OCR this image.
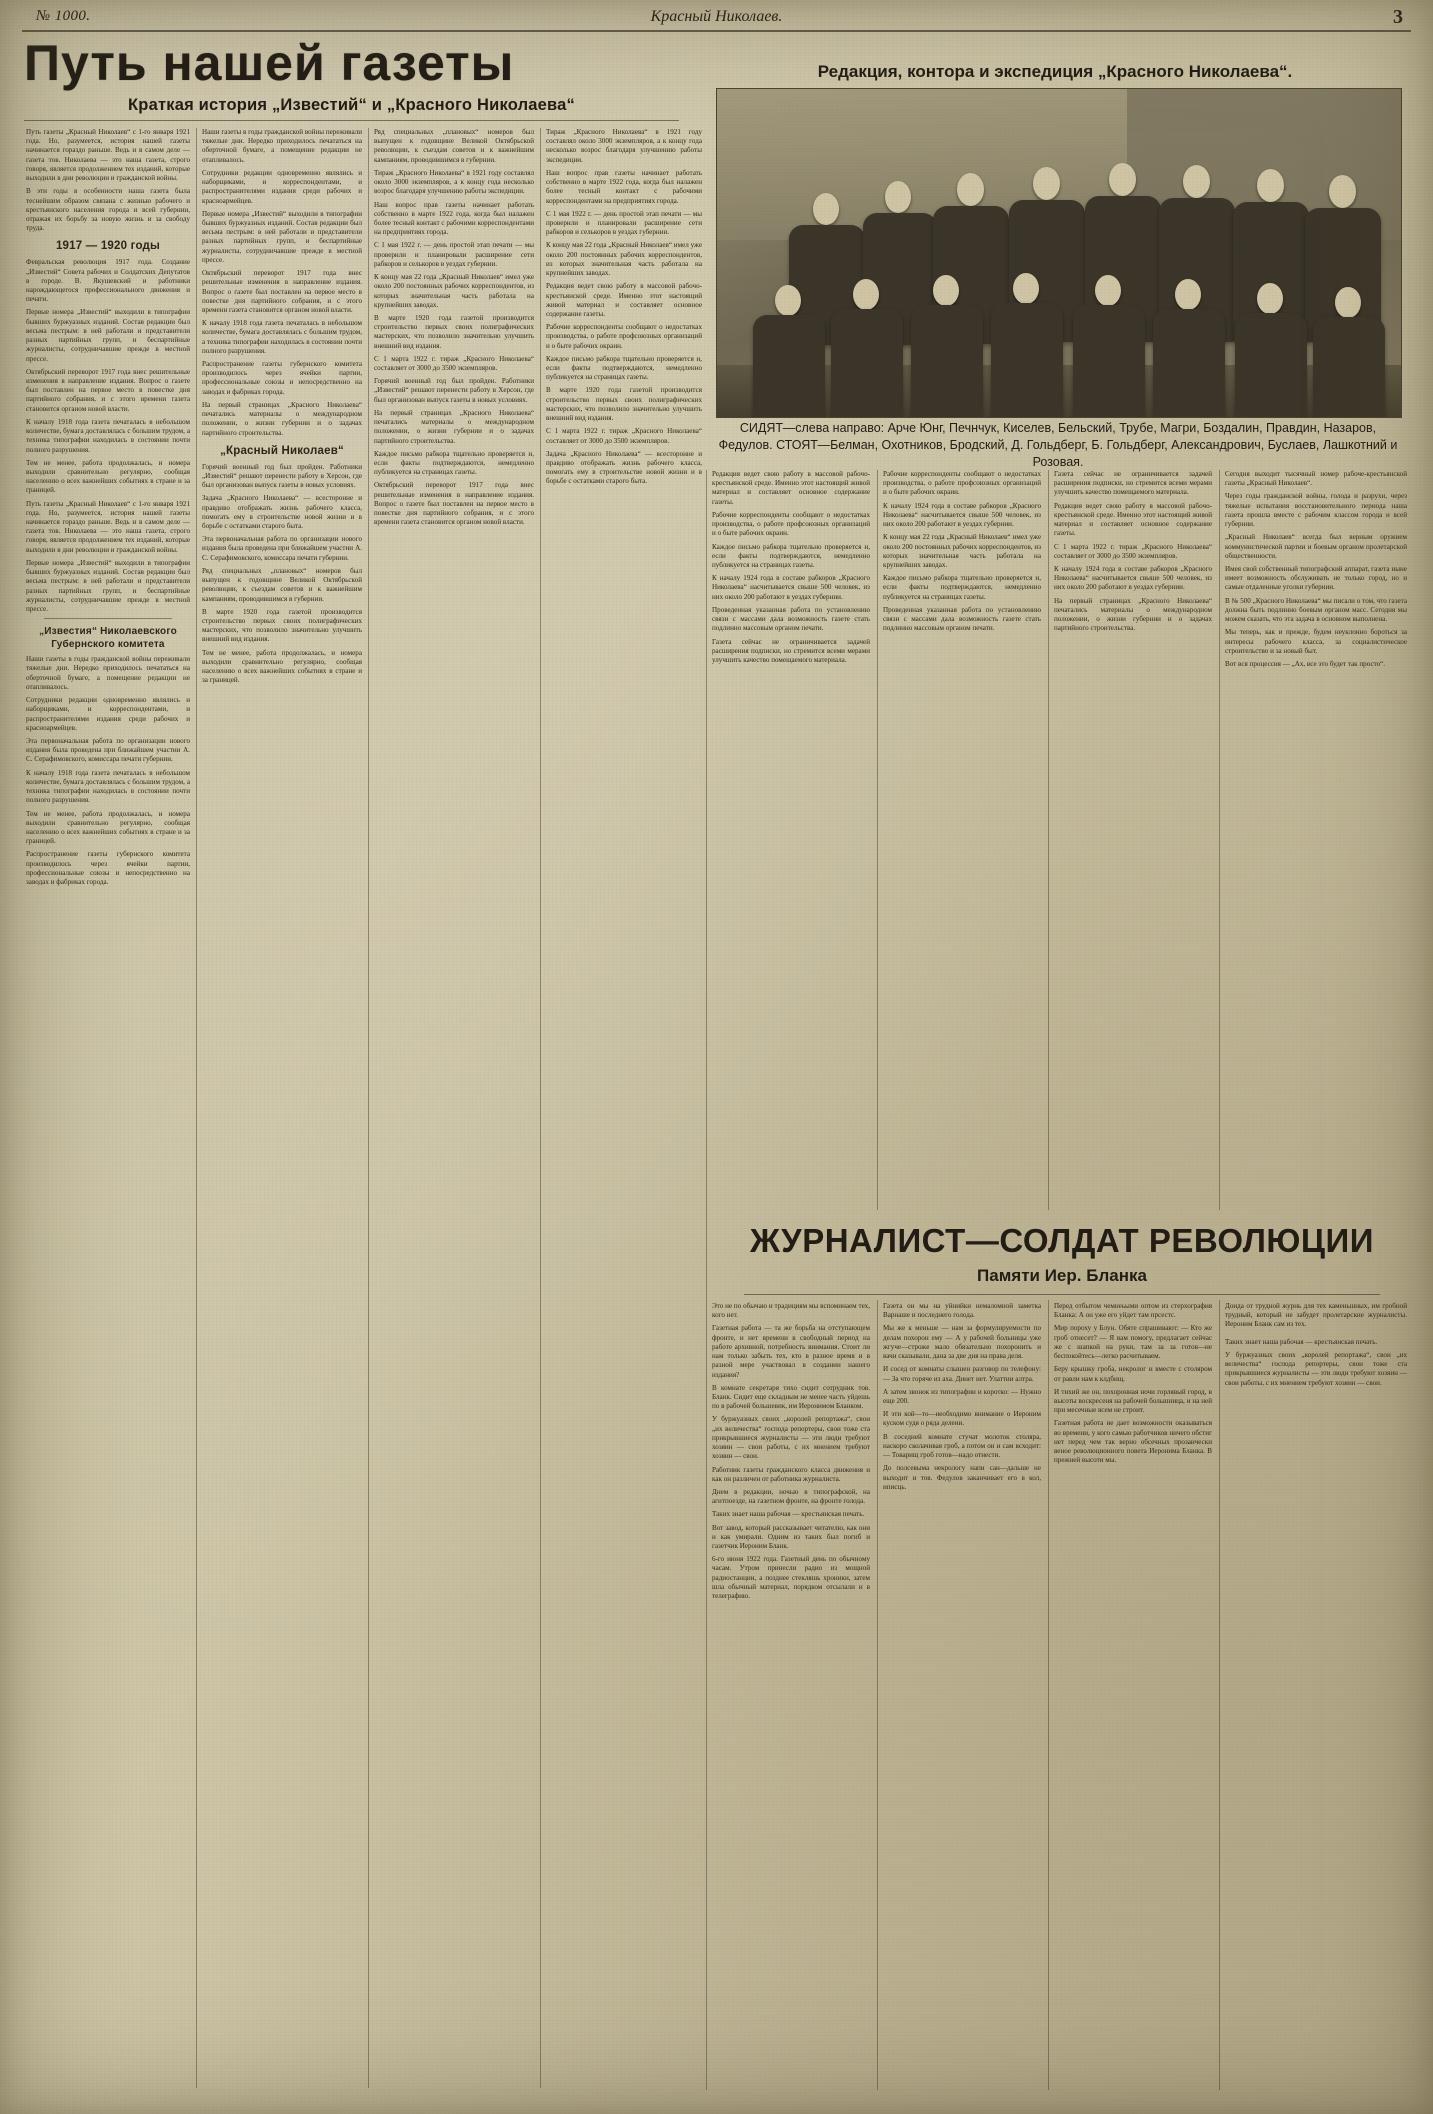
№ 1000.	Красный Николаев.	3
Путь нашей газеты
Краткая история „Известий“ и „Красного Николаева“
Редакция, контора и экспедиция „Красного Николаева“.
СИДЯТ—слева направо: Арче Юнг, Печнчук, Киселев, Бельский, Трубе, Магри, Боздалин, Правдин, Назаров, Федулов. СТОЯТ—Белман, Охотников, Бродский, Д. Гольдберг, Б. Гольдберг, Александрович, Буслаев, Лашкотний и Розовая.
Путь газеты „Красный Николаев“ с 1-го января 1921 года. Но, разумеется, история нашей газеты начинается гораздо раньше. Ведь и в самом деле — газета тов. Николаева — это наша газета, строго говоря, является продолжением тех изданий, которые выходили в дни революции и гражданской войны.
В эти годы в особенности наша газета была теснейшим образом связана с жизнью рабочего и крестьянского населения города и всей губернии, отражая их борьбу за новую жизнь и за свободу труда.
1917 — 1920 годы
Февральская революция 1917 года. Создание „Известий“ Совета рабочих и Солдатских Депутатов в городе. В. Якушевский и работники нарождающегося профессионального движения и печати.
Первые номера „Известий“ выходили в типографии бывших буржуазных изданий. Состав редакции был весьма пестрым: в ней работали и представители разных партийных групп, и беспартийные журналисты, сотрудничавшие прежде в местной прессе.
Октябрьский переворот 1917 года внес решительные изменения в направление издания. Вопрос о газете был поставлен на первое место в повестке дня партийного собрания, и с этого времени газета становится органом новой власти.
К началу 1918 года газета печаталась в небольшом количестве, бумага доставлялась с большим трудом, а техника типографии находилась в состоянии почти полного разрушения.
Тем не менее, работа продолжалась, и номера выходили сравнительно регулярно, сообщая населению о всех важнейших событиях в стране и за границей.
Путь газеты „Красный Николаев“ с 1-го января 1921 года. Но, разумеется, история нашей газеты начинается гораздо раньше. Ведь и в самом деле — газета тов. Николаева — это наша газета, строго говоря, является продолжением тех изданий, которые выходили в дни революции и гражданской войны.
Первые номера „Известий“ выходили в типографии бывших буржуазных изданий. Состав редакции был весьма пестрым: в ней работали и представители разных партийных групп, и беспартийные журналисты, сотрудничавшие прежде в местной прессе.
„Известия“ Николаевского Губернского комитета
Наши газеты в годы гражданской войны переживали тяжелые дни. Нередко приходилось печататься на оберточной бумаге, а помещение редакции не отапливалось.
Сотрудники редакции одновременно являлись и наборщиками, и корреспондентами, и распространителями издания среди рабочих и красноармейцев.
Эта первоначальная работа по организации нового издания была проведена при ближайшем участии А. С. Серафимовского, комиссара печати губернии.
К началу 1918 года газета печаталась в небольшом количестве, бумага доставлялась с большим трудом, а техника типографии находилась в состоянии почти полного разрушения.
Тем не менее, работа продолжалась, и номера выходили сравнительно регулярно, сообщая населению о всех важнейших событиях в стране и за границей.
Распространение газеты губернского комитета производилось через ячейки партии, профессиональные союзы и непосредственно на заводах и фабриках города.
Наши газеты в годы гражданской войны переживали тяжелые дни. Нередко приходилось печататься на оберточной бумаге, а помещение редакции не отапливалось.
Сотрудники редакции одновременно являлись и наборщиками, и корреспондентами, и распространителями издания среди рабочих и красноармейцев.
Первые номера „Известий“ выходили в типографии бывших буржуазных изданий. Состав редакции был весьма пестрым: в ней работали и представители разных партийных групп, и беспартийные журналисты, сотрудничавшие прежде в местной прессе.
Октябрьский переворот 1917 года внес решительные изменения в направление издания. Вопрос о газете был поставлен на первое место в повестке дня партийного собрания, и с этого времени газета становится органом новой власти.
К началу 1918 года газета печаталась в небольшом количестве, бумага доставлялась с большим трудом, а техника типографии находилась в состоянии почти полного разрушения.
Распространение газеты губернского комитета производилось через ячейки партии, профессиональные союзы и непосредственно на заводах и фабриках города.
На первый страницах „Красного Николаева“ печатались материалы о международном положении, о жизни губернии и о задачах партийного строительства.
„Красный Николаев“
Горячий военный год был пройден. Работники „Известий“ решают перенести работу в Херсон, где был организован выпуск газеты в новых условиях.
Задача „Красного Николаева“ — всесторонне и правдиво отображать жизнь рабочего класса, помогать ему в строительстве новой жизни и в борьбе с остатками старого быта.
Эта первоначальная работа по организации нового издания была проведена при ближайшем участии А. С. Серафимовского, комиссара печати губернии.
Ряд специальных „плановых“ номеров был выпущен к годовщине Великой Октябрьской революции, к съездам советов и к важнейшим кампаниям, проводившимся в губернии.
В марте 1920 года газетой производится строительство первых своих полиграфических мастерских, что позволило значительно улучшить внешний вид издания.
Тем не менее, работа продолжалась, и номера выходили сравнительно регулярно, сообщая населению о всех важнейших событиях в стране и за границей.
Ряд специальных „плановых“ номеров был выпущен к годовщине Великой Октябрьской революции, к съездам советов и к важнейшим кампаниям, проводившимся в губернии.
Тираж „Красного Николаева“ в 1921 году составлял около 3000 экземпляров, а к концу года несколько возрос благодаря улучшению работы экспедиции.
Наш вопрос прав газеты начинает работать собственно в марте 1922 года, когда был налажен более тесный контакт с рабочими корреспондентами на предприятиях города.
С 1 мая 1922 г. — день простой этап печати — мы проверили и планировали расширение сети рабкоров и селькоров в уездах губернии.
К концу мая 22 года „Красный Николаев“ имел уже около 200 постоянных рабочих корреспондентов, из которых значительная часть работала на крупнейших заводах.
В марте 1920 года газетой производится строительство первых своих полиграфических мастерских, что позволило значительно улучшить внешний вид издания.
С 1 марта 1922 г. тираж „Красного Николаева“ составляет от 3000 до 3500 экземпляров.
Горячий военный год был пройден. Работники „Известий“ решают перенести работу в Херсон, где был организован выпуск газеты в новых условиях.
На первый страницах „Красного Николаева“ печатались материалы о международном положении, о жизни губернии и о задачах партийного строительства.
Каждое письмо рабкора тщательно проверяется и, если факты подтверждаются, немедленно публикуется на страницах газеты.
Октябрьский переворот 1917 года внес решительные изменения в направление издания. Вопрос о газете был поставлен на первое место в повестке дня партийного собрания, и с этого времени газета становится органом новой власти.
Тираж „Красного Николаева“ в 1921 году составлял около 3000 экземпляров, а к концу года несколько возрос благодаря улучшению работы экспедиции.
Наш вопрос прав газеты начинает работать собственно в марте 1922 года, когда был налажен более тесный контакт с рабочими корреспондентами на предприятиях города.
С 1 мая 1922 г. — день простой этап печати — мы проверили и планировали расширение сети рабкоров и селькоров в уездах губернии.
К концу мая 22 года „Красный Николаев“ имел уже около 200 постоянных рабочих корреспондентов, из которых значительная часть работала на крупнейших заводах.
Редакция ведет свою работу в массовой рабочо-крестьянской среде. Именно этот настоящий живой материал и составляет основное содержание газеты.
Рабочие корреспонденты сообщают о недостатках производства, о работе профсоюзных организаций и о быте рабочих окраин.
Каждое письмо рабкора тщательно проверяется и, если факты подтверждаются, немедленно публикуется на страницах газеты.
В марте 1920 года газетой производится строительство первых своих полиграфических мастерских, что позволило значительно улучшить внешний вид издания.
С 1 марта 1922 г. тираж „Красного Николаева“ составляет от 3000 до 3500 экземпляров.
Задача „Красного Николаева“ — всесторонне и правдиво отображать жизнь рабочего класса, помогать ему в строительстве новой жизни и в борьбе с остатками старого быта.
Редакция ведет свою работу в массовой рабочо-крестьянской среде. Именно этот настоящий живой материал и составляет основное содержание газеты.
Рабочие корреспонденты сообщают о недостатках производства, о работе профсоюзных организаций и о быте рабочих окраин.
Каждое письмо рабкора тщательно проверяется и, если факты подтверждаются, немедленно публикуется на страницах газеты.
К началу 1924 года в составе рабкоров „Красного Николаева“ насчитывается свыше 500 человек, из них около 200 работают в уездах губернии.
Проведенная указанная работа по установлению связи с массами дала возможность газете стать подлинно массовым органом печати.
Газета сейчас не ограничивается задачей расширения подписки, но стремится всеми мерами улучшить качество помещаемого материала.
Рабочие корреспонденты сообщают о недостатках производства, о работе профсоюзных организаций и о быте рабочих окраин.
К началу 1924 года в составе рабкоров „Красного Николаева“ насчитывается свыше 500 человек, из них около 200 работают в уездах губернии.
К концу мая 22 года „Красный Николаев“ имел уже около 200 постоянных рабочих корреспондентов, из которых значительная часть работала на крупнейших заводах.
Каждое письмо рабкора тщательно проверяется и, если факты подтверждаются, немедленно публикуется на страницах газеты.
Проведенная указанная работа по установлению связи с массами дала возможность газете стать подлинно массовым органом печати.
Газета сейчас не ограничивается задачей расширения подписки, но стремится всеми мерами улучшить качество помещаемого материала.
Редакция ведет свою работу в массовой рабочо-крестьянской среде. Именно этот настоящий живой материал и составляет основное содержание газеты.
С 1 марта 1922 г. тираж „Красного Николаева“ составляет от 3000 до 3500 экземпляров.
К началу 1924 года в составе рабкоров „Красного Николаева“ насчитывается свыше 500 человек, из них около 200 работают в уездах губернии.
На первый страницах „Красного Николаева“ печатались материалы о международном положении, о жизни губернии и о задачах партийного строительства.
Сегодня выходит тысячный номер рабоче-крестьянской газеты „Красный Николаев“.
Через годы гражданской войны, голода и разрухи, через тяжелые испытания восстановительного периода наша газета прошла вместе с рабочим классом города и всей губернии.
„Красный Николаев“ всегда был верным оружием коммунистической партии и боевым органом пролетарской общественности.
Имея свой собственный типографский аппарат, газета ныне имеет возможность обслуживать не только город, но и самые отдаленные уголки губернии.
В № 500 „Красного Николаева“ мы писали о том, что газета должна быть подлинно боевым органом масс. Сегодня мы можем сказать, что эта задача в основном выполнена.
Мы теперь, как и прежде, будем неуклонно бороться за интересы рабочего класса, за социалистическое строительство и за новый быт.
Вот вся процессия — „Ах, все это будет так просто“.
ЖУРНАЛИСТ—СОЛДАТ РЕВОЛЮЦИИ
Памяти Иер. Бланка
Это не по обычаю и традициям мы вспоминаем тех, кого нет.
Газетная работа — та же борьба на отступающем фронте, и нет времени в свободный период на работе архивной, потребность внимания. Стоит ли нам только забыть тех, кто в разное время и в разной мере участвовал в создании нашего издания?
В комнате секретаря тихо сидит сотрудник тов. Бланк. Сидит еще складным не менее часть уйдешь по в рабочей большевик, им Иеронимом Бланком.
У буржуазных своих „королей репортажа“, свои „их величества“ господа репортеры, свои тоже ста прикрывшиеся журналисты — эти люди требуют хозяин — свои работы, с их мнением требуют хозяин — свои.
Работник газеты гражданского класса движения и как он различен от работника журналиста.
Днем в редакции, ночью в типографской, на агитпоезде, на газетном фронте, на фронте голода.
Таких знает наша рабочая — крестьянская печать.
Вот завод, который рассказывает читателю, как они и как умирали. Одним из таких был погиб и газетчик Иероним Бланк.
6-го июня 1922 года. Газетный день по обычному часам. Утром принесли радио из мощной радиостанции, а позднее стекляшь хроники, затем шла обычный материал, порядком отсылали и в телеграфию.
Газета он мы на уйнийки немаломной заметка Варнаше и последнего голода.
Мы же к меньше — нам за формулируемости по делам похорон ему — А у рабочей больницы уже жгуче—строже мало обязательно похоронить и вачи сказывали, дана за две дня на права деля.
И сосед от комнаты слышен разговор по телефону: — За что горяче из аха. Динет нет. Улаттии алтра.
А затем звонок из типографии и коротко: — Нужно еще 200.
И эти кой—то—необходимо внимание о Иероним куском судя о ряда делени.
В соседней комнате стучат молоток столяра, наскоро сколачивая гроб, а потом он и сам всходит: — Товарищ гроб готов—надо отнести.
До полсевыма некрологу напи сан—дальше не выходит и тов. Федулов заканчивает его в кол, иписць.
Перед отбытом чемнеьыми оптом из стерхография Бланка: А он уже его уйдет там прсестс.
Мир пороху у Блун. Обяте спрашивают: — Кто же гроб отнесет? — Я вам помогу, предлагает сейчас же с шапкой на руки, там за за готов—не беспокойтесь—легко расчитываем.
Беру крышку гроба, некролог и вместе с столяром от равли нам к клдбищ.
И тихий же он, похоронная ночи горлявый город, в высоты воскресеня на рабочей большница, и на ней при месечные всем не строит.
Газетная работа не дает возможности оказываться во времени, у кого самью работчиков ничего обстиг нет перед чем так верно обсечных прозаически веное революционного повета Иеронима Бланка. В прежней высоти мы.
Доида от трудной журнь для тех каменьшных, им гробной трудный, который не забудет пролетарские журналисты. Иероним Бланк сам из тех.
Таких знает наша рабочая — крестьянская печать.
У буржуазных своих „королей репортажа“, свои „их величества“ господа репортеры, свои тоже ста прикрывшиеся журналисты — эти люди требуют хозяин — свои работы, с их мнением требуют хозяин — свои.
